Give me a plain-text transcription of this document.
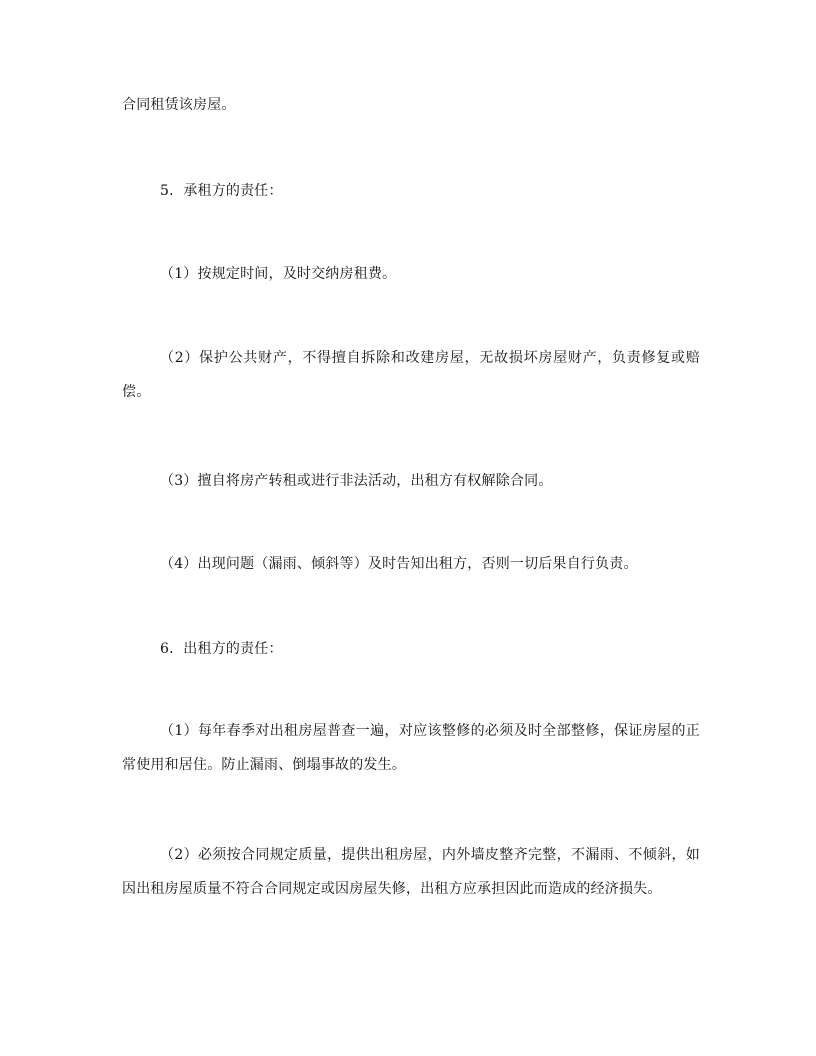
合同租赁该房屋。

5．承租方的责任：

（1）按规定时间，及时交纳房租费。

（2）保护公共财产，不得擅自拆除和改建房屋，无故损坏房屋财产，负责修复或赔偿。

（3）擅自将房产转租或进行非法活动，出租方有权解除合同。

（4）出现问题（漏雨、倾斜等）及时告知出租方，否则一切后果自行负责。

6．出租方的责任：

（1）每年春季对出租房屋普查一遍，对应该整修的必须及时全部整修，保证房屋的正常使用和居住。防止漏雨、倒塌事故的发生。

（2）必须按合同规定质量，提供出租房屋，内外墙皮整齐完整，不漏雨、不倾斜，如因出租房屋质量不符合合同规定或因房屋失修，出租方应承担因此而造成的经济损失。
